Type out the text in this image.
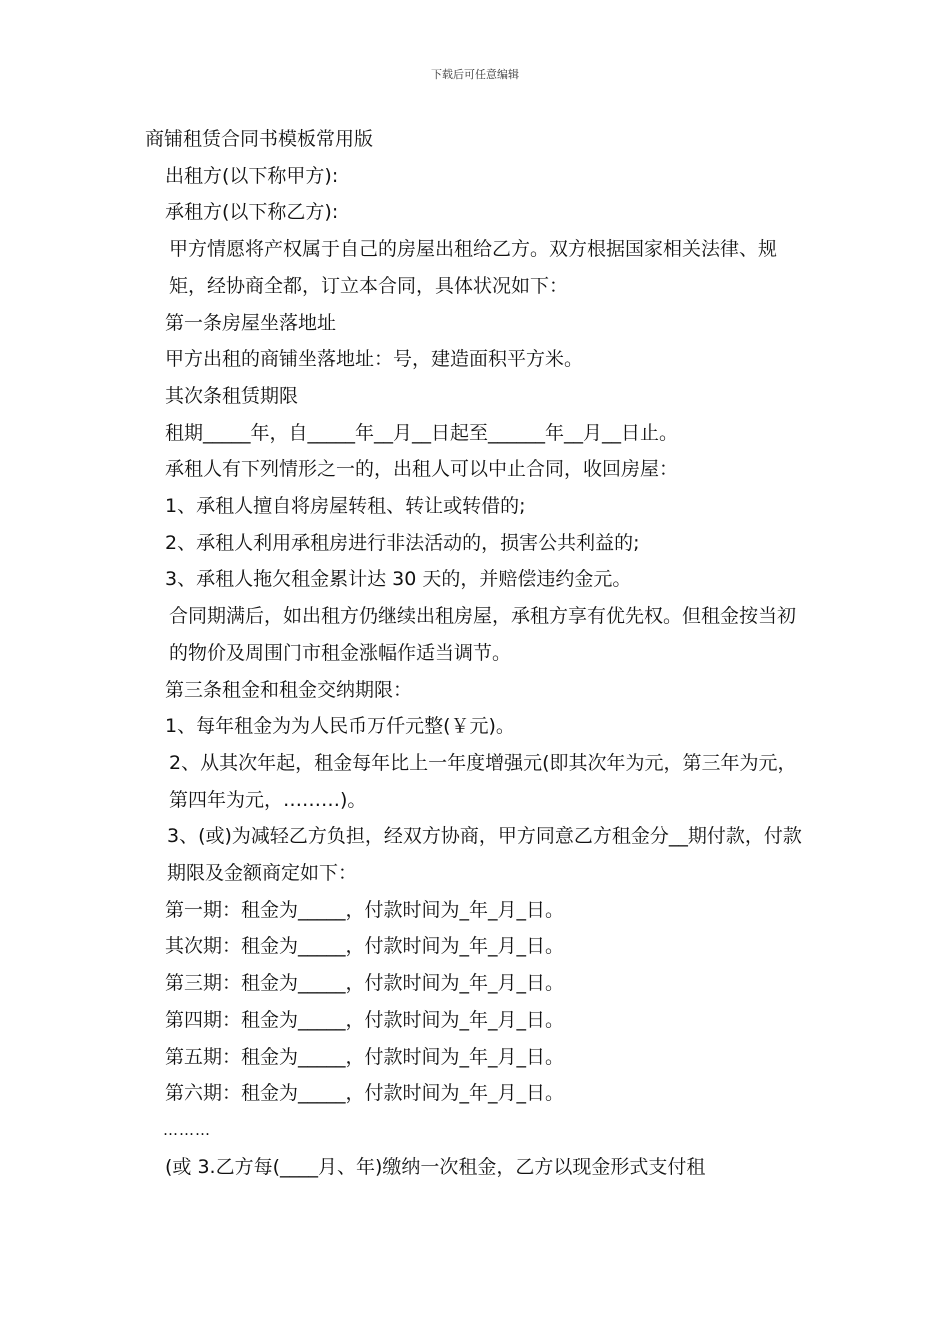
下载后可任意编辑

商铺租赁合同书模板常用版

出租方(以下称甲方):

承租方(以下称乙方):

甲方情愿将产权属于自己的房屋出租给乙方。双方根据国家相关法律、规矩，经协商全都，订立本合同，具体状况如下：

第一条房屋坐落地址

甲方出租的商铺坐落地址：号，建造面积平方米。

其次条租赁期限

租期_____年，自_____年__月__日起至______年__月__日止。

承租人有下列情形之一的，出租人可以中止合同，收回房屋：

1、承租人擅自将房屋转租、转让或转借的;

2、承租人利用承租房进行非法活动的，损害公共利益的;

3、承租人拖欠租金累计达 30 天的，并赔偿违约金元。

合同期满后，如出租方仍继续出租房屋，承租方享有优先权。但租金按当初的物价及周围门市租金涨幅作适当调节。

第三条租金和租金交纳期限：

1、每年租金为为人民币万仟元整(￥元)。

2、从其次年起，租金每年比上一年度增强元(即其次年为元，第三年为元，第四年为元，………)。

3、(或)为减轻乙方负担，经双方协商，甲方同意乙方租金分__期付款，付款期限及金额商定如下：

第一期：租金为_____，付款时间为_年_月_日。

其次期：租金为_____，付款时间为_年_月_日。

第三期：租金为_____，付款时间为_年_月_日。

第四期：租金为_____，付款时间为_年_月_日。

第五期：租金为_____，付款时间为_年_月_日。

第六期：租金为_____，付款时间为_年_月_日。

………

(或 3.乙方每(____月、年)缴纳一次租金，乙方以现金形式支付租
